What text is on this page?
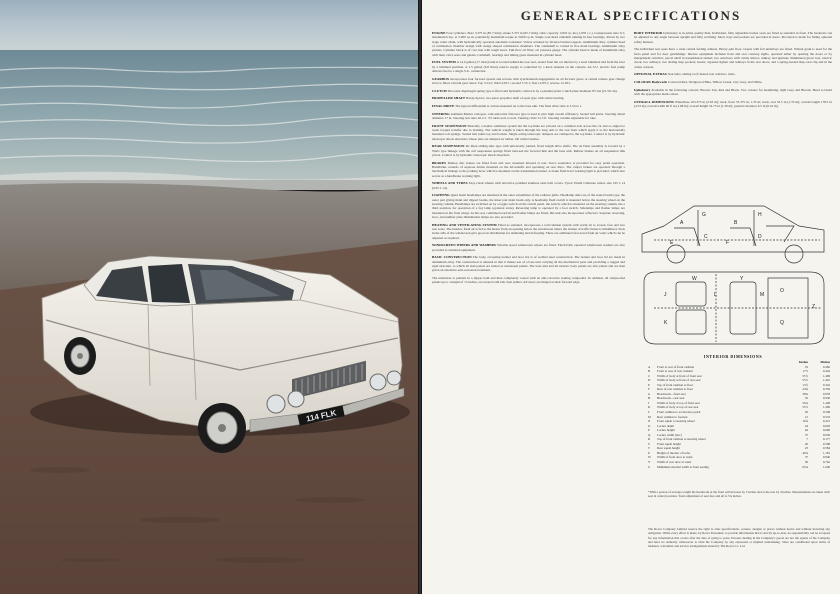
114 FLK
GENERAL SPECIFICATIONS
ENGINE Four cylinders. Bore 3.375 in (85.7 mm); stroke 3.375 in (85.7 mm); cubic capacity 120.8 cu. ins (1,978 c.c.). Compression ratio 9:1; maximum b.h.p. at 5,000 r.p.m. (standard); maximum torque at 3,000 r.p.m. Single over-head camshaft running in four bearings, driven by two stage roller chain, with hydraulically operated automatic tensioner. Valves actuated by inverted bucket tappets. Aluminium alloy cylinder head of combustion chamber design with wedge shaped combustion chambers. The crankshaft is carried in five main bearings. Aluminium alloy pistons. Cylinder block is of cast iron with tough bores. Full-flow oil filter; oil pressure gauge. The cylinder head is made of aluminium alloy with inset valve seats and guides. Camshaft, bearings and timing gears mounted in cylinder head.
FUEL SYSTEM A 14.6 gallon (17 litres) tank is located behind the rear seat, sealed from the car interior by a steel bulkhead and from the boot by a trimmed partition. A 1.5 gallon (6.8 litres) reserve supply is controlled by a knob situated on the console. An S.U. electric fuel pump delivers fuel to a single S.U. carburettor.
GEARBOX Incorporates four forward speeds and reverse with synchromesh engagement on all forward gears. A central remote gear change lever is fitted. Overall gear ratios: Top 3.54:1; third 4.93:1; second 7.55:1; first 12.83:1; reverse 12.18:1.
CLUTCH The latest diaphragm spring type is fitted and hydraulic control is by a pendant pedal. Clutch plate diameter 8½ ins (21.59 cm).
PROPELLER SHAFT Hardy-Spicer; two-piece propeller shaft of open type with centre bearing.
FINAL DRIVE The hypoid differential is carbon-mounted on to the base unit. The final drive ratio is 3.54 to 1.
STEERING Adamant Marles cam gear, cam-and-roller follower type is used to give high overall efficiency. Sealed ball joints. Steering wheel diameter 17 in. Steering box ratio 20.2:1. 3½ turns lock to lock. Turning circle 31.5 ft. Steering column adjustable for rake.
FRONT SUSPENSION Basically a double wishbone system but the top links are pivoted on a common axis across the car and so angled to resist torques transfer due to braking. The vehicle weight is taken through the long arm to the rear horn which apply it to the horizontally mounted coil springs. Sealed ball joints top and bottom. Single-acting telescopic dampers are clamped to the top links. Control is by hydraulic telescopic shock absorbers whose pins are damped on rubber. Oil rubber bushes.
REAR SUSPENSION De Dion sliding-tube type with universally jointed, fixed length drive shafts. The de Dion assembly is located by a Watts type linkage with the coil suspension springs fitted between the forward link and the base unit. Rubber bushes on all suspension link pivots. Control is by hydraulic telescopic shock absorbers.
BRAKES Dunlop disc brakes are fitted front and rear; mounted inboard at rear. Servo assistance is provided for easy pedal operation. Handbrake consists of separate drums mounted on the driveshafts and operating on rear discs. The caliper brakes are operated through a mechanical linkage to the parking lever which is mounted on the transmission tunnel. A brake fluid level warning light is provided, which also serves as a handbrake warning light.
WHEELS AND TYRES Easy-clean wheels with attractive polished stainless steel trim covers. Tyres: Pirelli Cinturato tubed, size 165 x 14 (6.95 x 14).
LIGHTING Quad beam headlamps are mounted in the outer extremities of the radiator grille. Headlamp units are of the sealed beam type, the outer pair giving main and dipped beams, the inner pair main beam only. A headlamp flash switch is mounted below the steering wheel on the steering column. Headlamps are switched on by a toggle switch on the switch panel, the switch, which is mounted on the steering column, has a third position, for operation of a fog lamp (optional extra). Reversing lamp is operated by a foot switch. Sidelamps and flasher lamps are mounted on the front wings. At the rear, combined rear/tail and flasher lamps are fitted, this unit also incorporates reflectors. Separate reversing, boot, and number plate illumination lamps are also provided.
HEATING AND VENTILATING SYSTEM Fitted as standard, incorporates a recirculation system with warm air to screen, face and two rear seats. The interior, fresh air is fed to the heater from an opening below the windscreen where the bonnet of traffic fumes is minimised. Slots in the sills of the windscreen give good air distribution for demisting and defrosting. There are additional face-level fresh air vents which can be adjusted as required.
WINDSCREEN WIPERS AND WASHERS Variable speed windscreen wipers are fitted. Electrically operated windscreen washers are also provided as standard equipment.
BASIC CONSTRUCTION The body, excepting bonnet and boot lid, is of welded steel construction. The bonnet and boot lid are made in aluminium alloy. The construction is unusual in that it makes use of a base unit carrying all the mechanical parts and providing a rugged and rigid structure, to which all skin panels are bolted as unstressed panels. The base unit and all exterior body panels are zinc plated and are then given an extensive anti-corrosion treatment.
The underside is painted in a dipper bath and then completely coated with an anti-corrosive sealing compound. In addition, all rustproofed panels up to a height of 15 inches, are treated with zinc dust primer. All doors are hinged at their forward edge.
BODY INTERIOR Upholstery is in prime quality hide. Individual, fully adjustable bucket seats are fitted as standard in front. The backrests can be adjusted to any angle between upright and fully reclining. Short trays and pockets are provided in doors. Provision is made for fitting optional safety harness.
The individual rear seats have a wide central folding armrest. Heavy-pile floor carpets with felt underlays are fitted. Walnut grain is used for the facia panel and for door garnishings. Interior equipment includes front and rear courtesy lights, operated either by opening the doors or by independent switches; parcel shelf in transmission tunnel; two sunvisors with vanity mirror; ashtray and ignition; illuminated glove box; electric clock; two ashtrays; two sliding map pockets; hooks; cigarette lighter and ashtrays in the rear doors, and a spring-loaded map-card clip and in the centre console.
OPTIONAL EXTRAS Seat belts; sliding roof; heated rear window; radio.
COLOURS Bodywork Cotswold Red, Wedgwood Blue, Willow Green, City Grey, and White.
Upholstery Available in the following colours: Biscuit, Tan, Red and Black. Two colours for headlining, light Grey and Biscuit. Head to blend with the appropriate main colour.
OVERALL DIMENSIONS Wheelbase 103.375 in (2.63 m); track, front 53.375 in, 1.35 m; track, rear 52.5 in (1.33 m); overall length 178.5 in (4.53 m); overall width 66 ft in (1.68 m); overall height 54.75 in (1.39 m); ground clearance 6.5 in (0.16 m).
A	B
C	D
E	F
G	H
J
K
L	M
O
Q
Z
W	Y
INTERIOR DIMENSIONS
Inches	Metres
A	Front to rear of front cushion	19	0.482
B	Front to rear of rear cushion	17½	0.444
C	Width of body at front of front seat	55½	1.409
D	Width of body at front of rear seat	55½	1.410
E	Top of front cushion to floor	13½	0.342
F	Rear of rear cushion to floor	24¾	0.350
G	Headroom—front seat	38¼	0.978
H	Headroom—rear seat	35	0.930
J	Width of body at top of front seat	56¼	1.428
K	Width of body at top of rear seat	55½	1.409
L	Front cushion to accelerator pedal	20	0.508
M	Rear cushion to footrest	21	0.533
N	Front squab to steering wheel	16¾	0.415
O	Locker depth	24	0.603
P	Locker height	26	0.660
Q	Locker width (m/c)	37	0.939
R	Top of front cushion to steering wheel	7	0.177
S	Front squab height	20	0.508
T	Rear squab height	23	0.584
U	Height of interior of locks	46¾	1.181
W	Width of front door at waist	37	0.940
Y	Width of rear door at waist	30	0.762
Z	Minimum external width at front seating	65¼	1.649
*With a person of average weight the headroom at the front will increase by 5 inches and at the rear by 4 inches. Measurements are taken with seat in central position. Total adjustment of seat fore and aft is 5¾ inches.
The Rover Company Limited reserve the right to alter specifications, colours, designs or prices without notice and without incurring any obligation. While every effort is made, by Rover Personnel, to provide information that is strictly up-to-date, no responsibility can be accepted for any information that occurs after the date of going to press. Persons dealing in the Company's goods are not the agents of the Company and have no authority whatsoever to bind the Company by any expressed or implied undertaking. Sales are conditional upon terms of business, warranties and service arrangements issued by The Rover Co. Ltd.
